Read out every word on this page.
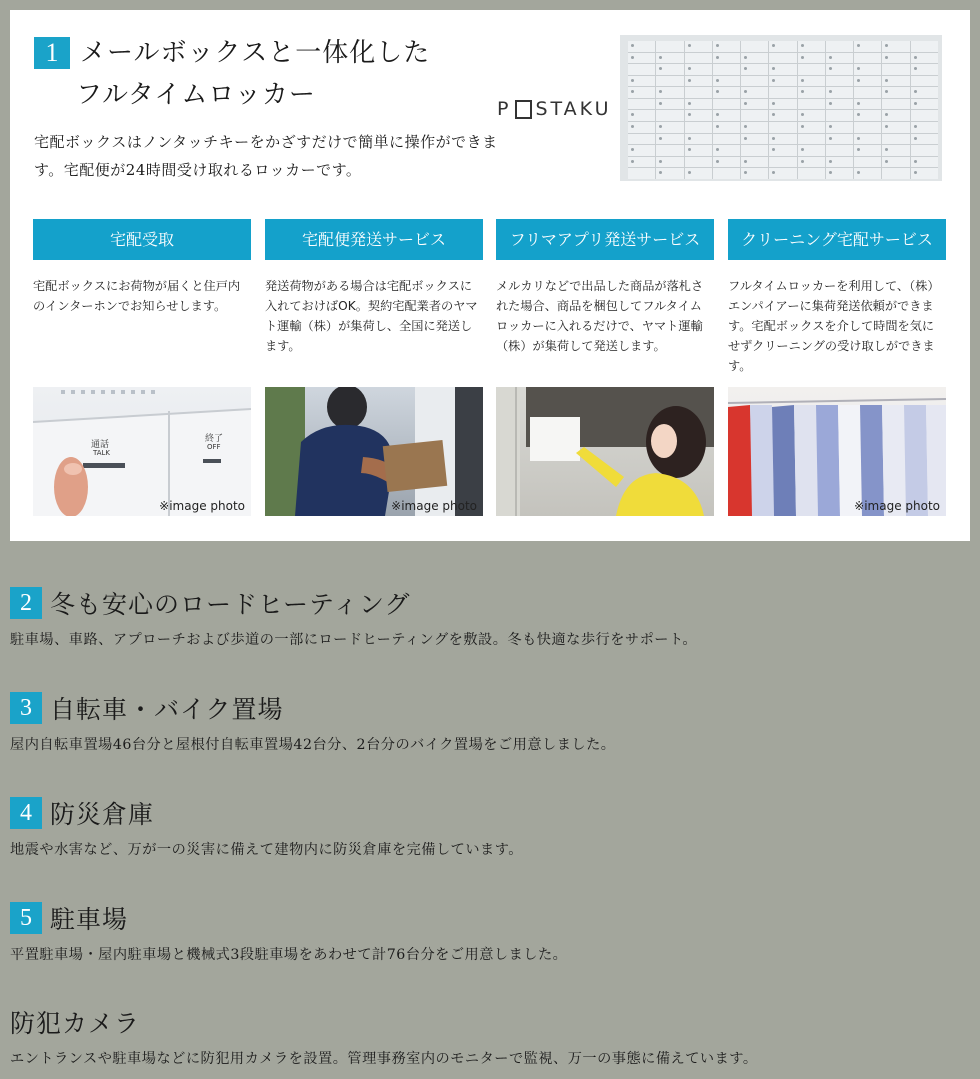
1 メールボックスと一体化した
フルタイムロッカー
宅配ボックスはノンタッチキーをかざすだけで簡単に操作ができます。宅配便が24時間受け取れるロッカーです。
P STAKU
宅配受取
宅配ボックスにお荷物が届くと住戸内のインターホンでお知らせします。
宅配便発送サービス
発送荷物がある場合は宅配ボックスに入れておけばOK。契約宅配業者のヤマト運輸（株）が集荷し、全国に発送します。
フリマアプリ発送サービス
メルカリなどで出品した商品が落札された場合、商品を梱包してフルタイムロッカーに入れるだけで、ヤマト運輸（株）が集荷して発送します。
クリーニング宅配サービス
フルタイムロッカーを利用して、（株）エンパイアーに集荷発送依頼ができます。宅配ボックスを介して時間を気にせずクリーニングの受け取しができます。
通話
TALK
終了
OFF
※image photo	※image photo	※image photo
2 冬も安心のロードヒーティング
駐車場、車路、アプローチおよび歩道の一部にロードヒーティングを敷設。冬も快適な歩行をサポート。
3 自転車・バイク置場
屋内自転車置場46台分と屋根付自転車置場42台分、2台分のバイク置場をご用意しました。
4 防災倉庫
地震や水害など、万が一の災害に備えて建物内に防災倉庫を完備しています。
5 駐車場
平置駐車場・屋内駐車場と機械式3段駐車場をあわせて計76台分をご用意しました。
防犯カメラ
エントランスや駐車場などに防犯用カメラを設置。管理事務室内のモニターで監視、万一の事態に備えています。
